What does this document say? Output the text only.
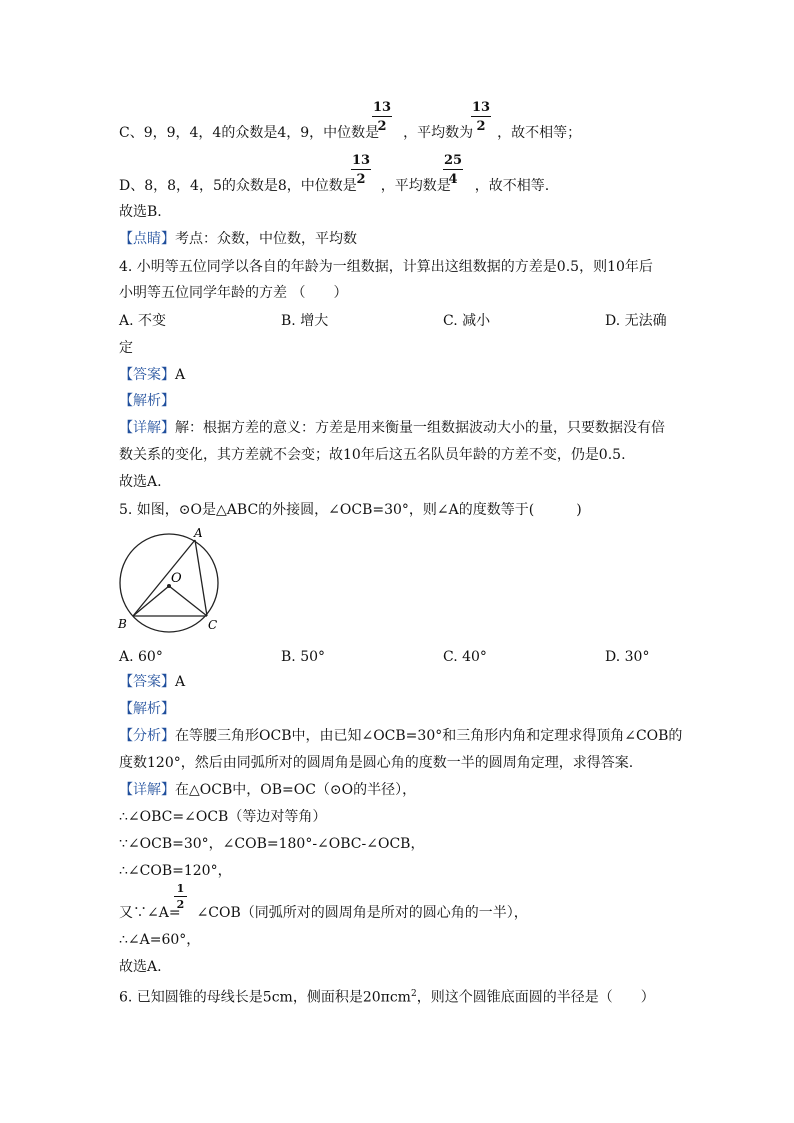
C、9，9，4，4的众数是4，9，中位数是 ，平均数为 ，故不相等；
13
2
13
2
D、8，8，4，5的众数是8，中位数是 ，平均数是 ，故不相等.
13
2
25
4
故选B.
【点睛】考点：众数，中位数，平均数
4. 小明等五位同学以各自的年龄为一组数据，计算出这组数据的方差是0.5，则10年后
小明等五位同学年龄的方差 （　　）
A. 不变	B. 增大	C. 减小	D. 无法确
定
【答案】A
【解析】
【详解】解：根据方差的意义：方差是用来衡量一组数据波动大小的量，只要数据没有倍
数关系的变化，其方差就不会变；故10年后这五名队员年龄的方差不变，仍是0.5.
故选A.
5. 如图，⊙O是△ABC的外接圆，∠OCB=30°，则∠A的度数等于(　　　)
A
O
B	C
A. 60°	B. 50°	C. 40°	D. 30°
【答案】A
【解析】
【分析】在等腰三角形OCB中，由已知∠OCB=30°和三角形内角和定理求得顶角∠COB的
度数120°，然后由同弧所对的圆周角是圆心角的度数一半的圆周角定理，求得答案.
【详解】在△OCB中，OB=OC（⊙O的半径），
∴∠OBC=∠OCB（等边对等角）
∵∠OCB=30°，∠COB=180°-∠OBC-∠OCB，
∴∠COB=120°，
又∵∠A= ∠COB（同弧所对的圆周角是所对的圆心角的一半），
1
2
∴∠A=60°，
故选A.
6. 已知圆锥的母线长是5cm，侧面积是20πcm$^2$，则这个圆锥底面圆的半径是（　　）
